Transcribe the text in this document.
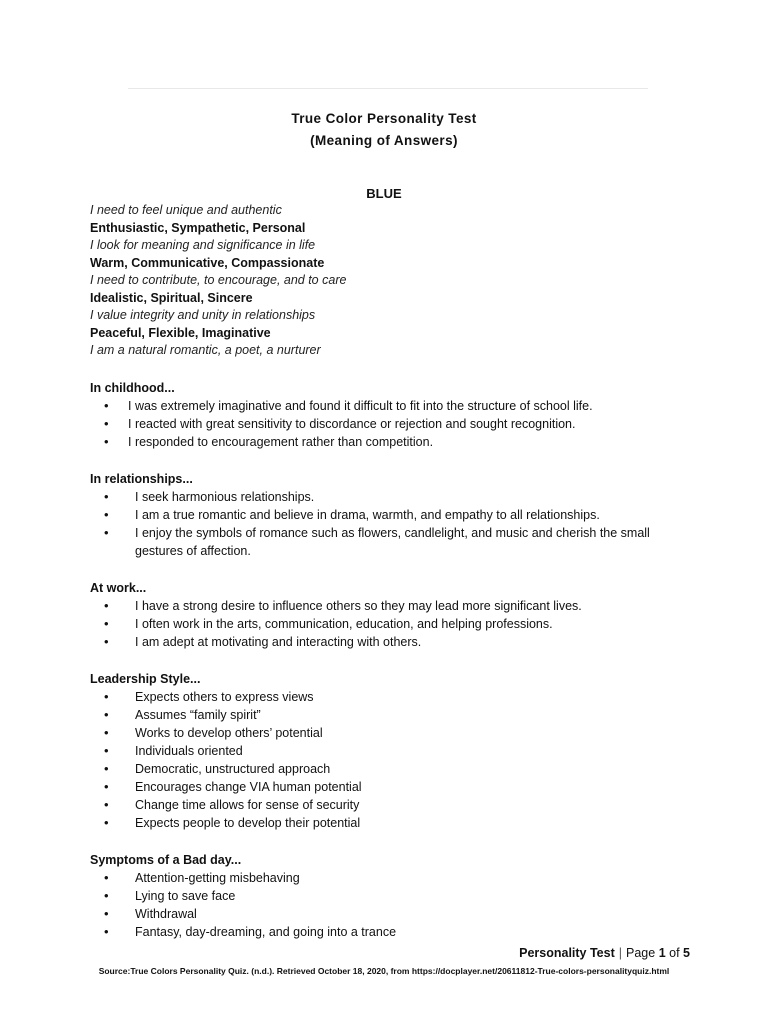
True Color Personality Test
(Meaning of Answers)
BLUE
I need to feel unique and authentic
Enthusiastic, Sympathetic, Personal
I look for meaning and significance in life
Warm, Communicative, Compassionate
I need to contribute, to encourage, and to care
Idealistic, Spiritual, Sincere
I value integrity and unity in relationships
Peaceful, Flexible, Imaginative
I am a natural romantic, a poet, a nurturer
In childhood...
• I was extremely imaginative and found it difficult to fit into the structure of school life.
• I reacted with great sensitivity to discordance or rejection and sought recognition.
• I responded to encouragement rather than competition.
In relationships...
• I seek harmonious relationships.
• I am a true romantic and believe in drama, warmth, and empathy to all relationships.
• I enjoy the symbols of romance such as flowers, candlelight, and music and cherish the small gestures of affection.
At work...
• I have a strong desire to influence others so they may lead more significant lives.
• I often work in the arts, communication, education, and helping professions.
• I am adept at motivating and interacting with others.
Leadership Style...
• Expects others to express views
• Assumes “family spirit”
• Works to develop others’ potential
• Individuals oriented
• Democratic, unstructured approach
• Encourages change VIA human potential
• Change time allows for sense of security
• Expects people to develop their potential
Symptoms of a Bad day...
• Attention-getting misbehaving
• Lying to save face
• Withdrawal
• Fantasy, day-dreaming, and going into a trance
Personality Test | Page 1 of 5
Source:True Colors Personality Quiz. (n.d.). Retrieved October 18, 2020, from https://docplayer.net/20611812-True-colors-personalityquiz.html
